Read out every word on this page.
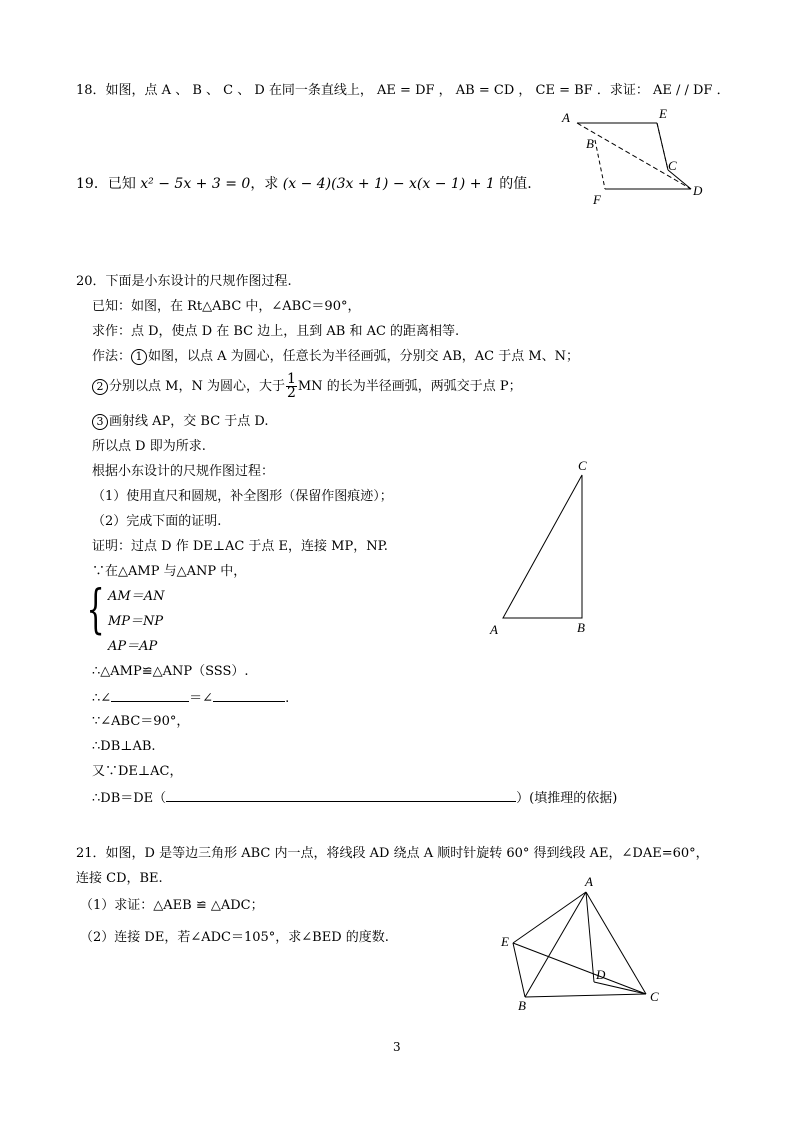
18．如图，点 A 、 B 、 C 、 D 在同一条直线上， AE = DF ， AB = CD ， CE = BF ．求证： AE / / DF ．
A	E
B
C
F
D
19．已知 x² − 5x + 3 = 0，求 (x − 4)(3x + 1) − x(x − 1) + 1 的值.
20．下面是小东设计的尺规作图过程.
已知：如图，在 Rt△ABC 中，∠ABC＝90°，
求作：点 D，使点 D 在 BC 边上，且到 AB 和 AC 的距离相等.
作法： 1 如图，以点 A 为圆心，任意长为半径画弧，分别交 AB，AC 于点 M、N；
2 分别以点 M，N 为圆心，大于 $\frac{1}{2}$ MN 的长为半径画弧，两弧交于点 P；
3 画射线 AP，交 BC 于点 D.
所以点 D 即为所求.
根据小东设计的尺规作图过程：
（1）使用直尺和圆规，补全图形（保留作图痕迹）；
（2）完成下面的证明.
证明：过点 D 作 DE⊥AC 于点 E，连接 MP，NP.
∵在△AMP 与△ANP 中，
{ AM＝AN
MP＝NP
AP＝AP
∴△AMP≌△ANP（SSS）.
∴∠	＝∠	.
∵∠ABC＝90°，
∴DB⊥AB.
又∵DE⊥AC，
∴DB＝DE（	）(填推理的依据)
C
A	B
21．如图，D 是等边三角形 ABC 内一点，将线段 AD 绕点 A 顺时针旋转 60° 得到线段 AE，∠DAE=60°，
连接 CD，BE.
（1）求证：△AEB ≌ △ADC；
（2）连接 DE，若∠ADC＝105°，求∠BED 的度数.
A
E
D
B
C
3
